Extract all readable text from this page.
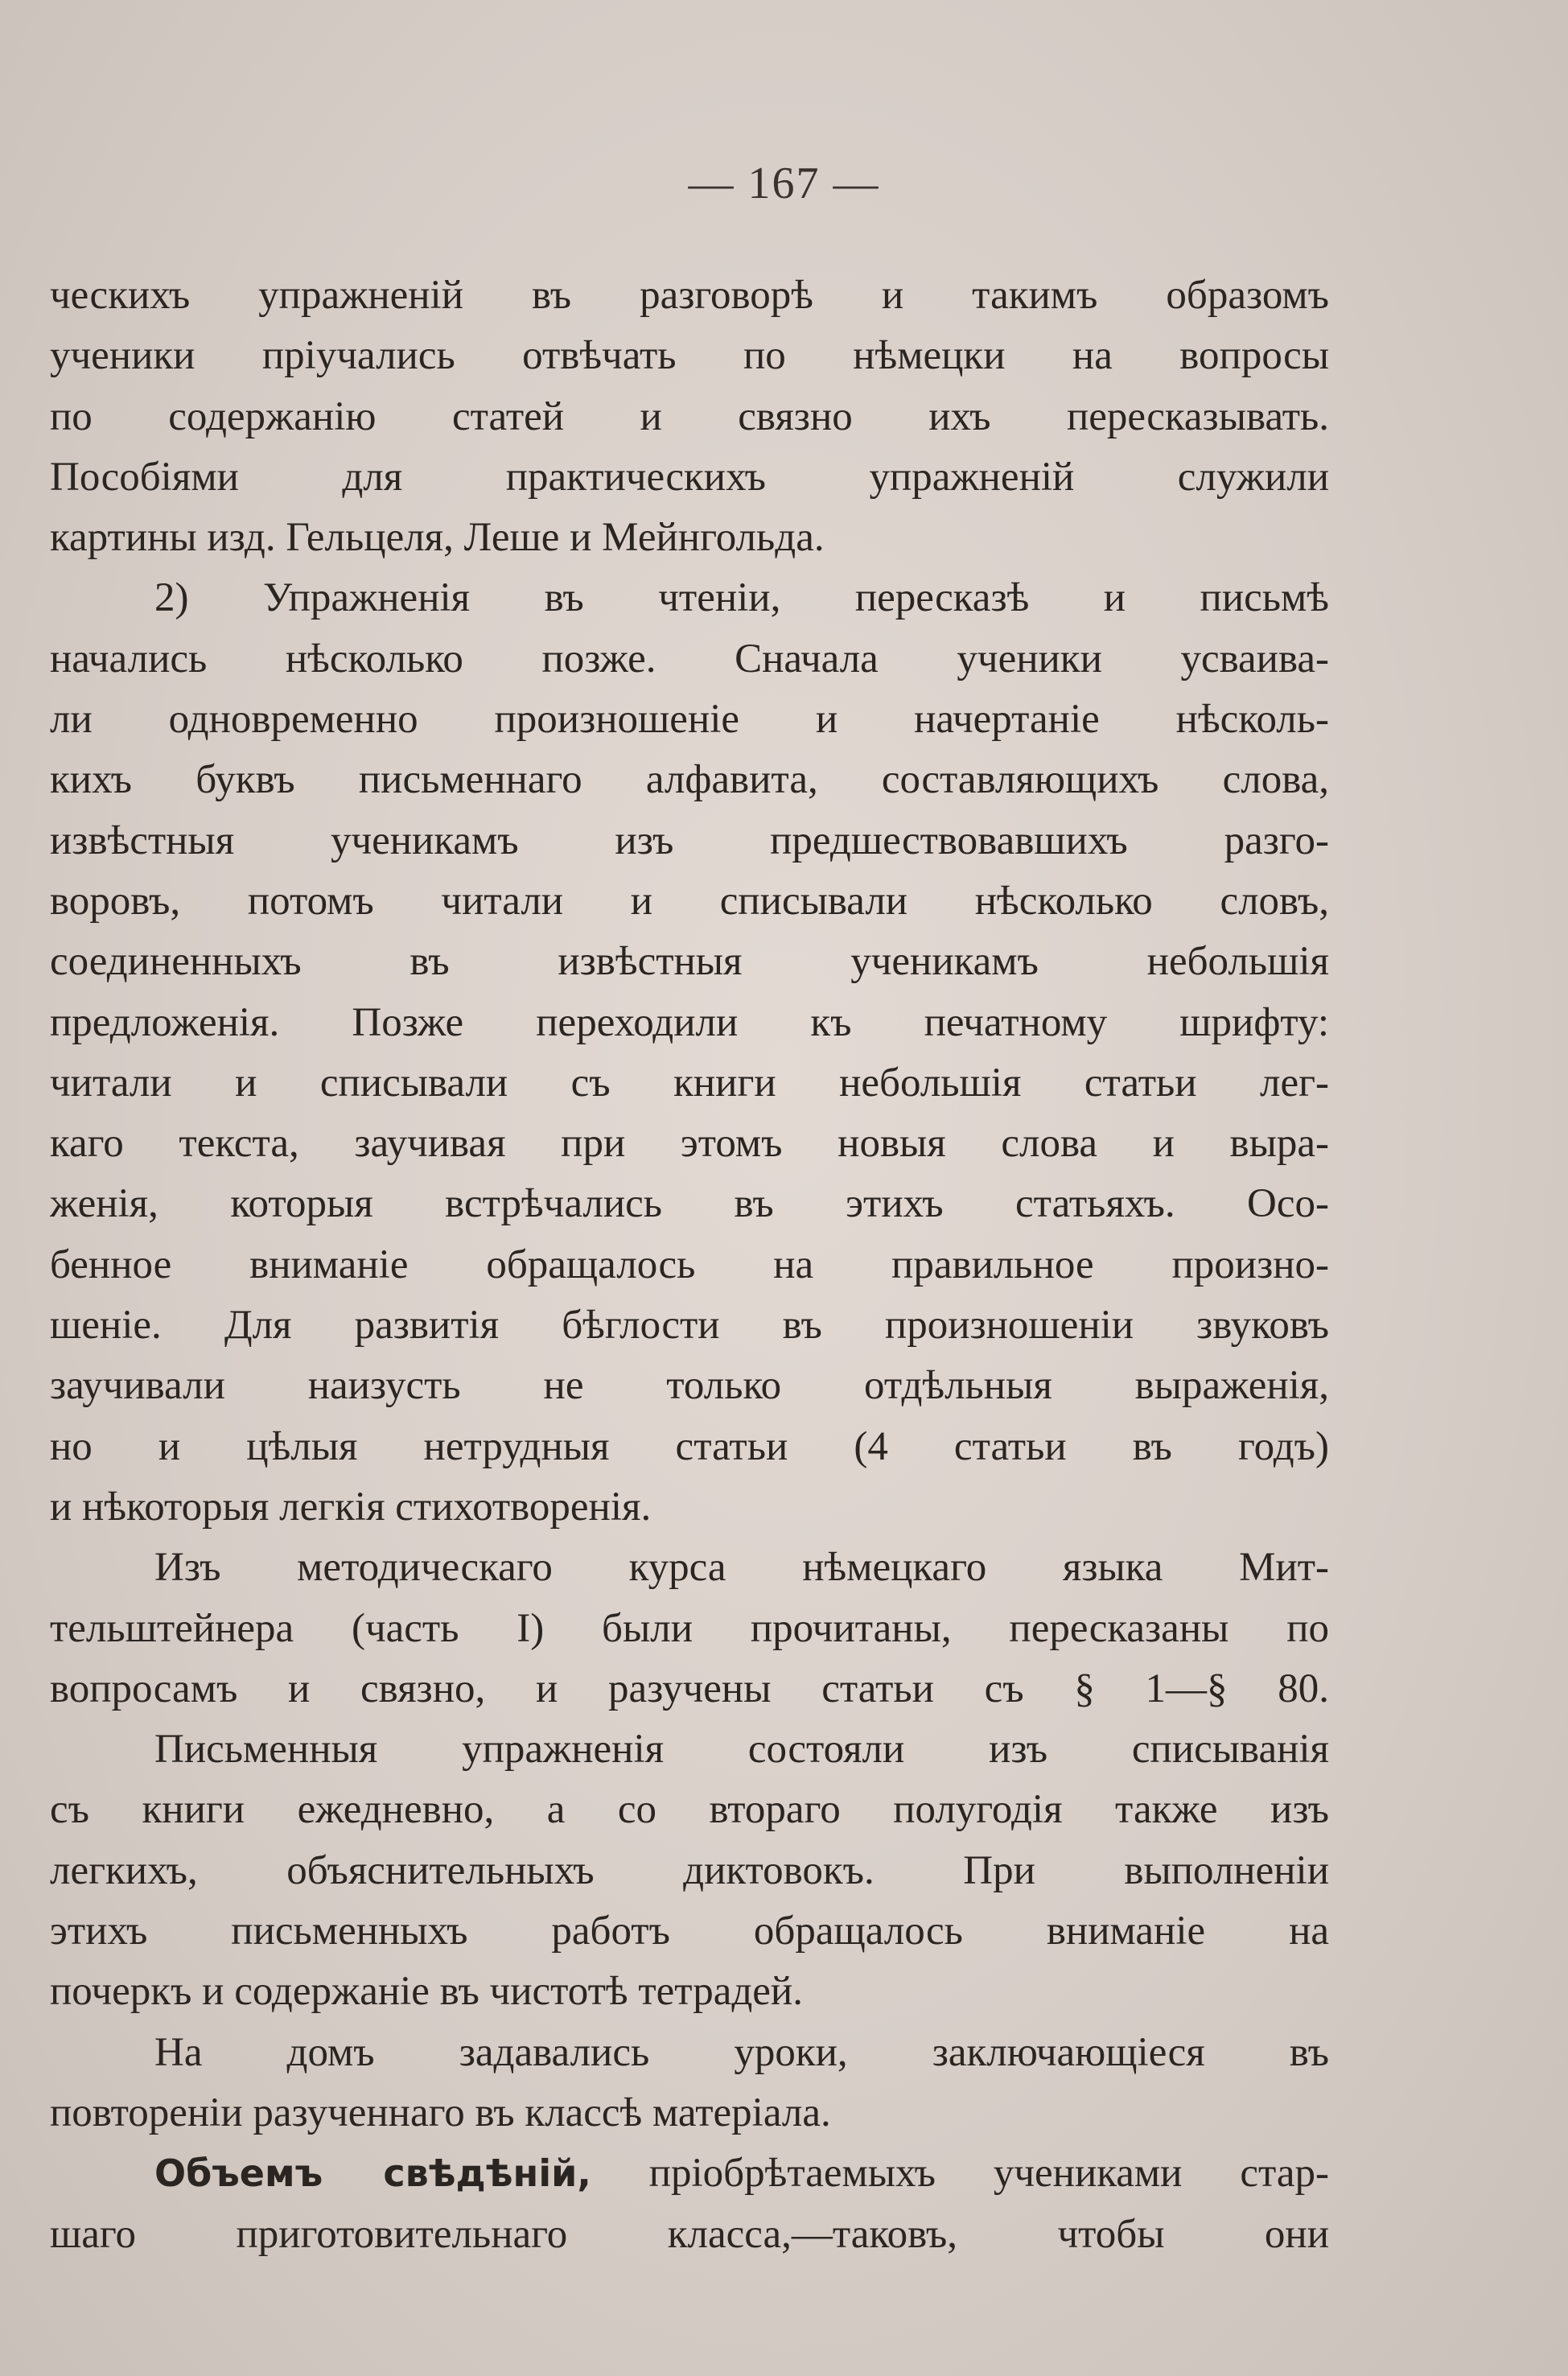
— 167 —
ческихъ упражненій въ разговорѣ и такимъ образомъ
ученики пріучались отвѣчать по нѣмецки на вопросы
по содержанію статей и связно ихъ пересказывать.
Пособіями для практическихъ упражненій служили
картины изд. Гельцеля, Леше и Мейнгольда.
2) Упражненія въ чтеніи, пересказѣ и письмѣ
начались нѣсколько позже. Сначала ученики усваива-
ли одновременно произношеніе и начертаніе нѣсколь-
кихъ буквъ письменнаго алфавита, составляющихъ слова,
извѣстныя ученикамъ изъ предшествовавшихъ разго-
воровъ, потомъ читали и списывали нѣсколько словъ,
соединенныхъ въ извѣстныя ученикамъ небольшія
предложенія. Позже переходили къ печатному шрифту:
читали и списывали съ книги небольшія статьи лег-
каго текста, заучивая при этомъ новыя слова и выра-
женія, которыя встрѣчались въ этихъ статьяхъ. Осо-
бенное вниманіе обращалось на правильное произно-
шеніе. Для развитія бѣглости въ произношеніи звуковъ
заучивали наизусть не только отдѣльныя выраженія,
но и цѣлыя нетрудныя статьи (4 статьи въ годъ)
и нѣкоторыя легкія стихотворенія.
Изъ методическаго курса нѣмецкаго языка Мит-
тельштейнера (часть I) были прочитаны, пересказаны по
вопросамъ и связно, и разучены статьи съ § 1—§ 80.
Письменныя упражненія состояли изъ списыванія
съ книги ежедневно, а со втораго полугодія также изъ
легкихъ, объяснительныхъ диктовокъ. При выполненіи
этихъ письменныхъ работъ обращалось вниманіе на
почеркъ и содержаніе въ чистотѣ тетрадей.
На домъ задавались уроки, заключающіеся въ
повтореніи разученнаго въ классѣ матеріала.
Объемъ свѣдѣній, пріобрѣтаемыхъ учениками стар-
шаго приготовительнаго класса,—таковъ, чтобы они
